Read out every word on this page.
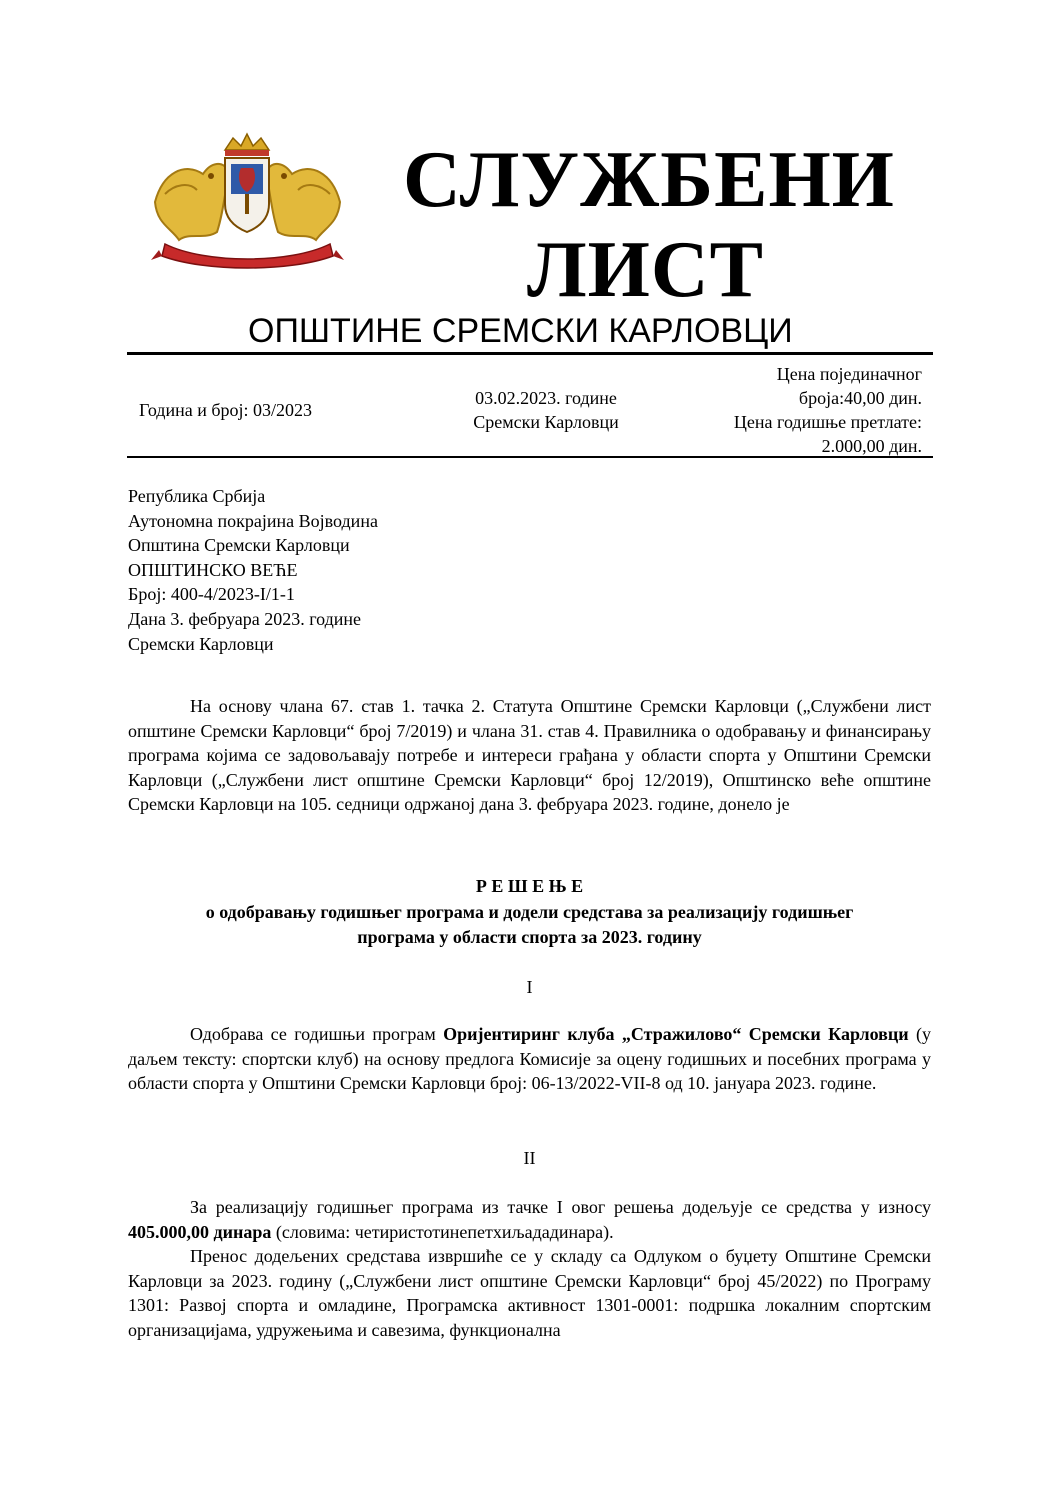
СЛУЖБЕНИ
ЛИСТ
ОПШТИНЕ СРЕМСКИ КАРЛОВЦИ
Година и број: 03/2023
03.02.2023. године
Сремски Карловци
Цена појединачног
броја:40,00 дин.
Цена годишње претлате:
2.000,00 дин.
Република Србија
Аутономна покрајина Војводина
Општина Сремски Карловци
ОПШТИНСКО ВЕЋЕ
Број: 400-4/2023-I/1-1
Дана 3. фебруара 2023. године
Сремски Карловци

На основу члана 67. став 1. тачка 2. Статута Општине Сремски Карловци („Службени лист општине Сремски Карловци“ број 7/2019) и члана 31. став 4. Правилника о одобравању и финансирању програма којима се задовољавају потребе и интереси грађана у области спорта у Општини Сремски Карловци („Службени лист општине Сремски Карловци“ број 12/2019), Општинско веће општине Сремски Карловци на 105. седници одржаној дана 3. фебруара 2023. године, донело је

Р Е Ш Е Њ Е
о одобравању годишњег програма и додели средстава за реализацију годишњег
програма у области спорта за 2023. годину
I

Одобрава се годишњи програм Оријентиринг клуба „Стражилово“ Сремски Карловци (у даљем тексту: спортски клуб) на основу предлога Комисије за оцену годишњих и посебних програма у области спорта у Општини Сремски Карловци број: 06-13/2022-VII-8 од 10. јануара 2023. године.

II

За реализацију годишњег програма из тачке I овог решења додељује се средства у износу 405.000,00 динара (словима: четиристотинепетхиљададинара).

Пренос додељених средстава извршиће се у складу са Одлуком о буџету Општине Сремски Карловци за 2023. годину („Службени лист општине Сремски Карловци“ број 45/2022) по Програму 1301: Развој спорта и омладине, Програмска активност 1301-0001: подршка локалним спортским организацијама, удружењима и савезима, функционална
